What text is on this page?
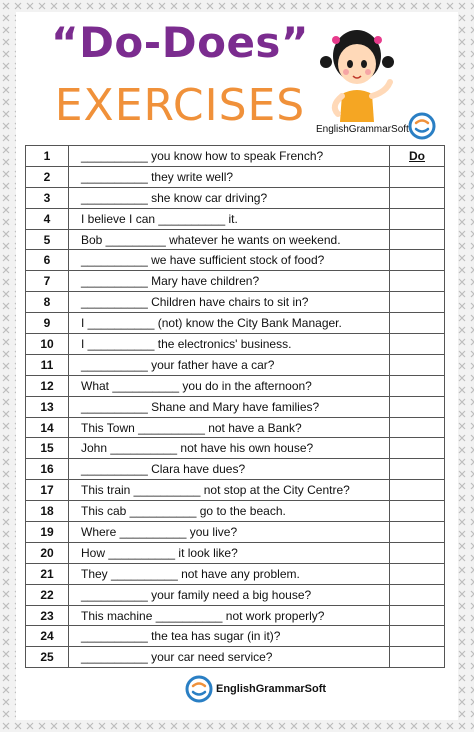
“Do-Does”
EXERCISES	EnglishGrammarSoft
1	__________ you know how to speak French?	Do
2	__________ they write well?	
3	__________ she know car driving?	
4	I believe I can __________ it.	
5	Bob _________ whatever he wants on weekend.	
6	__________ we have sufficient stock of food?	
7	__________ Mary have children?	
8	__________ Children have chairs to sit in?	
9	I __________ (not) know the City Bank Manager.	
10	I __________ the electronics' business.	
11	__________ your father have a car?	
12	What __________ you do in the afternoon?	
13	__________ Shane and Mary have families?	
14	This Town __________ not have a Bank?	
15	John __________ not have his own house?	
16	__________ Clara have dues?	
17	This train __________ not stop at the City Centre?	
18	This cab __________ go to the beach.	
19	Where __________ you live?	
20	How __________ it look like?	
21	They __________ not have any problem.	
22	__________ your family need a big house?	
23	This machine __________ not work properly?	
24	__________ the tea has sugar (in it)?	
25	__________ your car need service?	
EnglishGrammarSoft
